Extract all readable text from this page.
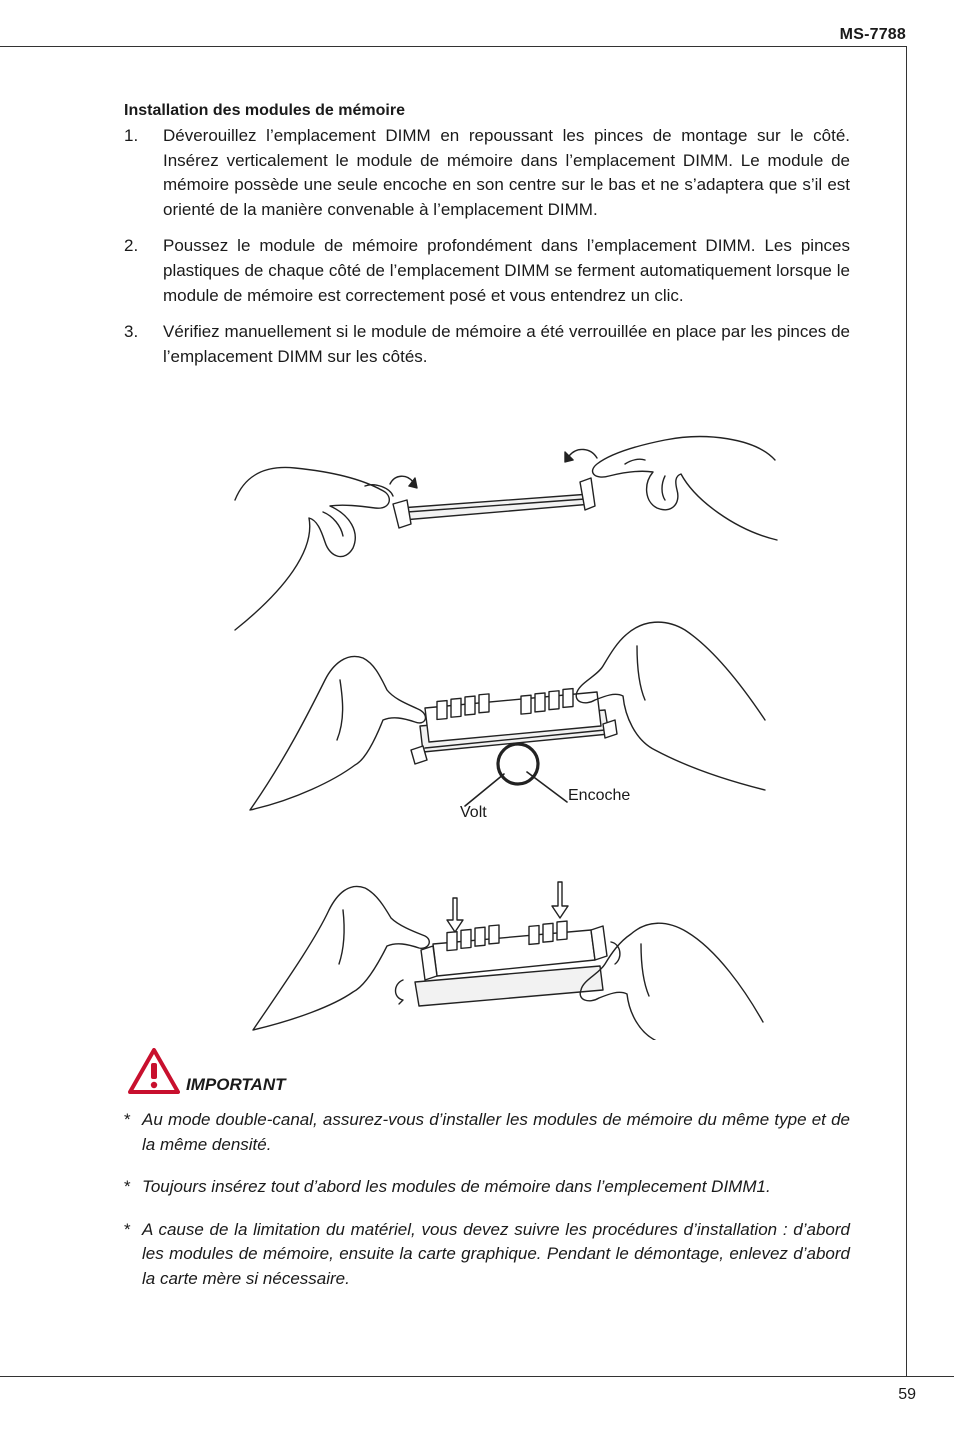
MS-7788
Installation des modules de mémoire
1. Déverouillez l’emplacement DIMM en repoussant les pinces de montage sur le côté. Insérez verticalement le module de mémoire dans l’emplacement DIMM. Le module de mémoire possède une seule encoche en son centre sur le bas et ne s’adaptera que s’il est orienté de la manière convenable à l’emplacement DIMM.
2. Poussez le module de mémoire profondément dans l’emplacement DIMM. Les pinces plastiques de chaque côté de l’emplacement DIMM se ferment automatiquement lorsque le module de mémoire est correctement posé et vous entendrez un clic.
3. Vérifiez manuellement si le module de mémoire a été verrouillée en place par les pinces de l’emplacement DIMM sur les côtés.
Encoche
Volt
IMPORTANT
* Au mode double-canal, assurez-vous d’installer les modules de mémoire du même type et de la même densité.
* Toujours insérez tout d’abord les modules de mémoire dans l’emplecement DIMM1.
* A cause de la limitation du matériel, vous devez suivre les procédures d’installation : d’abord les modules de mémoire, ensuite la carte graphique. Pendant le démontage, enlevez d’abord la carte mère si nécessaire.
59
